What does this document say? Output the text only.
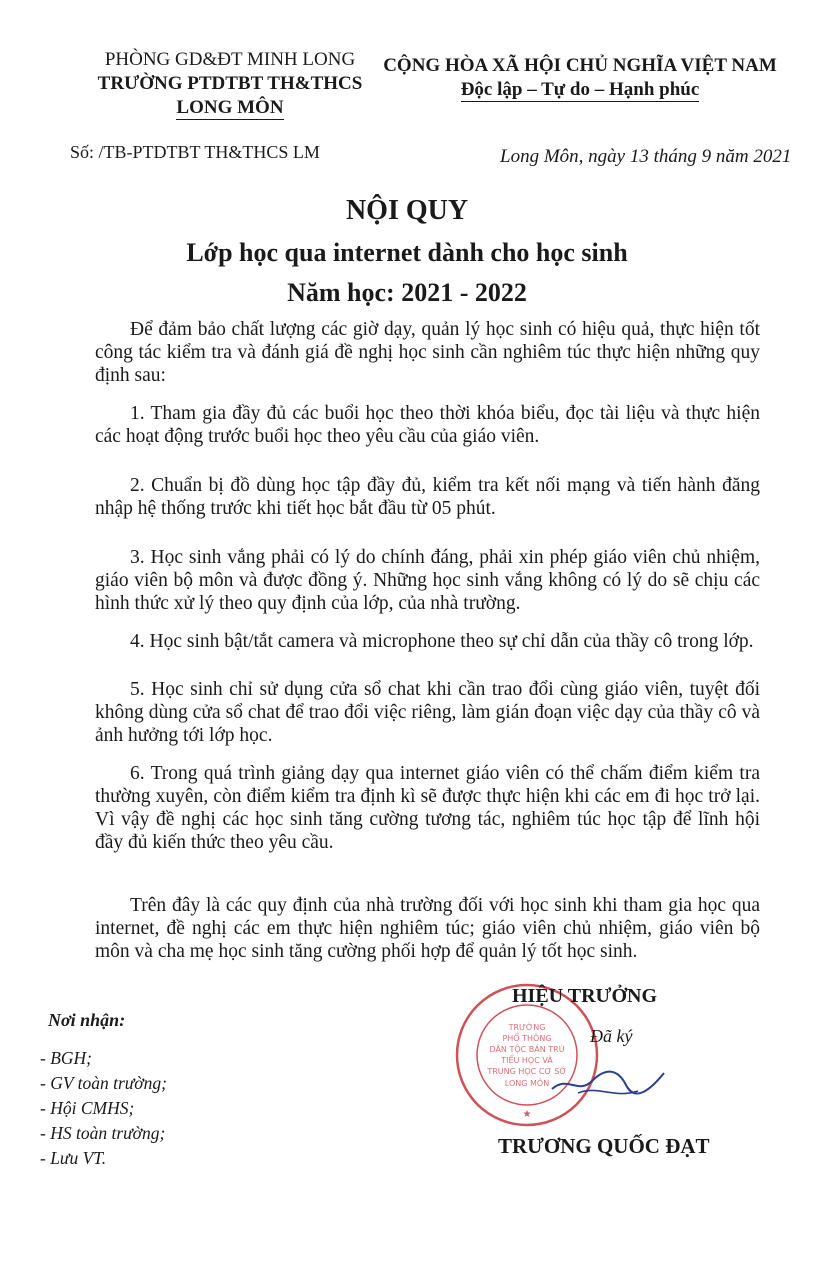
PHÒNG GD&ĐT MINH LONG
TRƯỜNG PTDTBT TH&THCS
LONG MÔN
CỘNG HÒA XÃ HỘI CHỦ NGHĨA VIỆT NAM
Độc lập – Tự do – Hạnh phúc
Số: /TB-PTDTBT TH&THCS LM	Long Môn, ngày 13 tháng 9 năm 2021
NỘI QUY
Lớp học qua internet dành cho học sinh
Năm học: 2021 - 2022
Để đảm bảo chất lượng các giờ dạy, quản lý học sinh có hiệu quả, thực hiện tốt công tác kiểm tra và đánh giá đề nghị học sinh cần nghiêm túc thực hiện những quy định sau:
1. Tham gia đầy đủ các buổi học theo thời khóa biểu, đọc tài liệu và thực hiện các hoạt động trước buổi học theo yêu cầu của giáo viên.
2. Chuẩn bị đồ dùng học tập đầy đủ, kiểm tra kết nối mạng và tiến hành đăng nhập hệ thống trước khi tiết học bắt đầu từ 05 phút.
3. Học sinh vắng phải có lý do chính đáng, phải xin phép giáo viên chủ nhiệm, giáo viên bộ môn và được đồng ý. Những học sinh vắng không có lý do sẽ chịu các hình thức xử lý theo quy định của lớp, của nhà trường.
4. Học sinh bật/tắt camera và microphone theo sự chỉ dẫn của thầy cô trong lớp.
5. Học sinh chỉ sử dụng cửa sổ chat khi cần trao đổi cùng giáo viên, tuyệt đối không dùng cửa sổ chat để trao đổi việc riêng, làm gián đoạn việc dạy của thầy cô và ảnh hưởng tới lớp học.
6. Trong quá trình giảng dạy qua internet giáo viên có thể chấm điểm kiểm tra thường xuyên, còn điểm kiểm tra định kì sẽ được thực hiện khi các em đi học trở lại. Vì vậy đề nghị các học sinh tăng cường tương tác, nghiêm túc học tập để lĩnh hội đầy đủ kiến thức theo yêu cầu.
Trên đây là các quy định của nhà trường đối với học sinh khi tham gia học qua internet, đề nghị các em thực hiện nghiêm túc; giáo viên chủ nhiệm, giáo viên bộ môn và cha mẹ học sinh tăng cường phối hợp để quản lý tốt học sinh.
Nơi nhận:
- BGH;
- GV toàn trường;
- Hội CMHS;
- HS toàn trường;
- Lưu VT.
TRƯỜNG
PHỔ THÔNG
DÂN TỘC BÁN TRÚ
TIỂU HỌC VÀ
TRUNG HỌC CƠ SỞ
LONG MÔN
★
HIỆU TRƯỞNG
Đã ký
TRƯƠNG QUỐC ĐẠT
